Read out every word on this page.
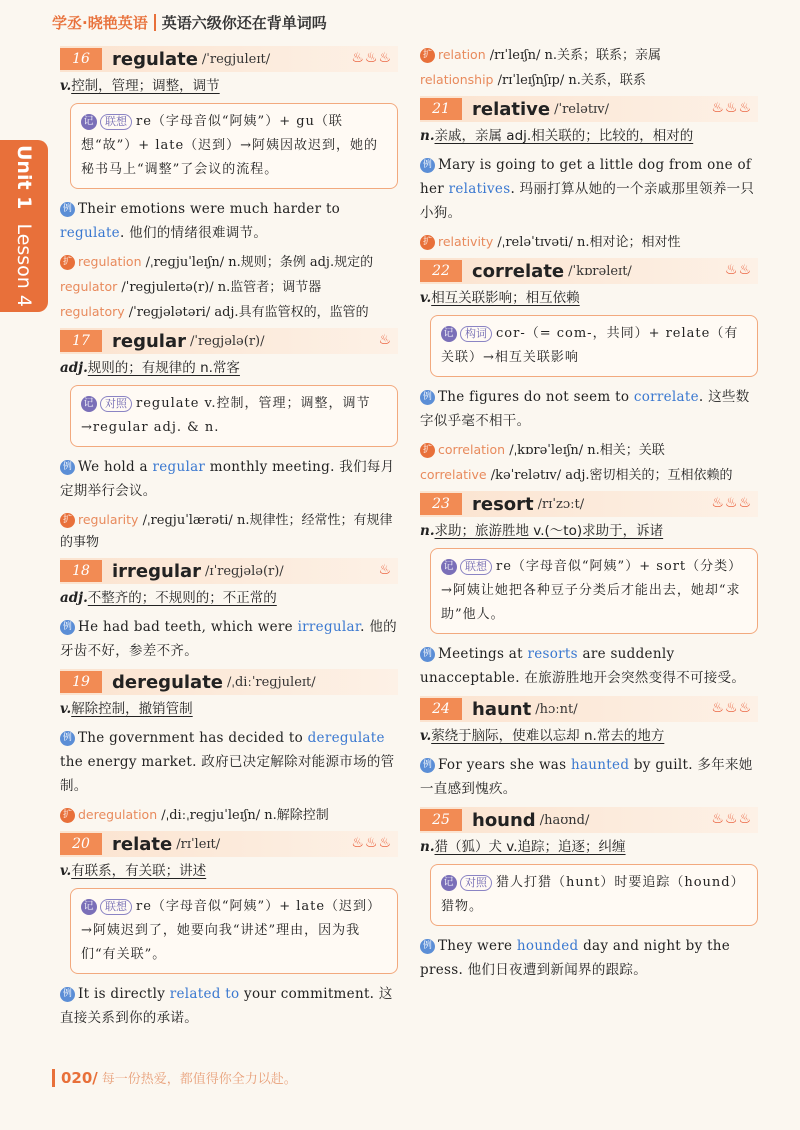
学丞·晓艳英语 英语六级你还在背单词吗
Unit 1 Lesson 4
16	regulate /ˈreɡjuleɪt/	♨♨♨
v.控制，管理；调整，调节
记 联想 re（字母音似“阿姨”）+ gu（联想“故”）+ late（迟到）→阿姨因故迟到，她的秘书马上“调整”了会议的流程。
例 Their emotions were much harder to regulate. 他们的情绪很难调节。
扩 regulation /ˌreɡjuˈleɪʃn/ n.规则；条例 adj.规定的
regulator /ˈreɡjuleɪtə(r)/ n.监管者；调节器
regulatory /ˈreɡjələtəri/ adj.具有监管权的，监管的
17	regular /ˈreɡjələ(r)/	♨
adj.规则的；有规律的 n.常客
记 对照 regulate v.控制，管理；调整，调节→regular adj. & n.
例 We hold a regular monthly meeting. 我们每月定期举行会议。
扩 regularity /ˌreɡjuˈlærəti/ n.规律性；经常性；有规律的事物
18	irregular /ɪˈreɡjələ(r)/	♨
adj.不整齐的；不规则的；不正常的
例 He had bad teeth, which were irregular. 他的牙齿不好，参差不齐。
19	deregulate /ˌdiːˈreɡjuleɪt/
v.解除控制，撤销管制
例 The government has decided to deregulate the energy market. 政府已决定解除对能源市场的管制。
扩 deregulation /ˌdiːˌreɡjuˈleɪʃn/ n.解除控制
20	relate /rɪˈleɪt/	♨♨♨
v.有联系，有关联；讲述
记 联想 re（字母音似“阿姨”）+ late（迟到）→阿姨迟到了，她要向我“讲述”理由，因为我们“有关联”。
例 It is directly related to your commitment. 这直接关系到你的承诺。
扩 relation /rɪˈleɪʃn/ n.关系；联系；亲属
relationship /rɪˈleɪʃnʃɪp/ n.关系，联系
21	relative /ˈrelətɪv/	♨♨♨
n.亲戚，亲属 adj.相关联的；比较的，相对的
例 Mary is going to get a little dog from one of her relatives. 玛丽打算从她的一个亲戚那里领养一只小狗。
扩 relativity /ˌreləˈtɪvəti/ n.相对论；相对性
22	correlate /ˈkɒrəleɪt/	♨♨
v.相互关联影响；相互依赖
记 构词 cor-（= com-，共同）+ relate（有关联）→相互关联影响
例 The figures do not seem to correlate. 这些数字似乎毫不相干。
扩 correlation /ˌkɒrəˈleɪʃn/ n.相关；关联
correlative /kəˈrelətɪv/ adj.密切相关的；互相依赖的
23	resort /rɪˈzɔːt/	♨♨♨
n.求助；旅游胜地 v.(～to)求助于，诉诸
记 联想 re（字母音似“阿姨”）+ sort（分类）→阿姨让她把各种豆子分类后才能出去，她却“求助”他人。
例 Meetings at resorts are suddenly unacceptable. 在旅游胜地开会突然变得不可接受。
24	haunt /hɔːnt/	♨♨♨
v.萦绕于脑际，使难以忘却 n.常去的地方
例 For years she was haunted by guilt. 多年来她一直感到愧疚。
25	hound /haʊnd/	♨♨♨
n.猎（狐）犬 v.追踪；追逐；纠缠
记 对照 猎人打猎（hunt）时要追踪（hound）猎物。
例 They were hounded day and night by the press. 他们日夜遭到新闻界的跟踪。
020/ 每一份热爱，都值得你全力以赴。
